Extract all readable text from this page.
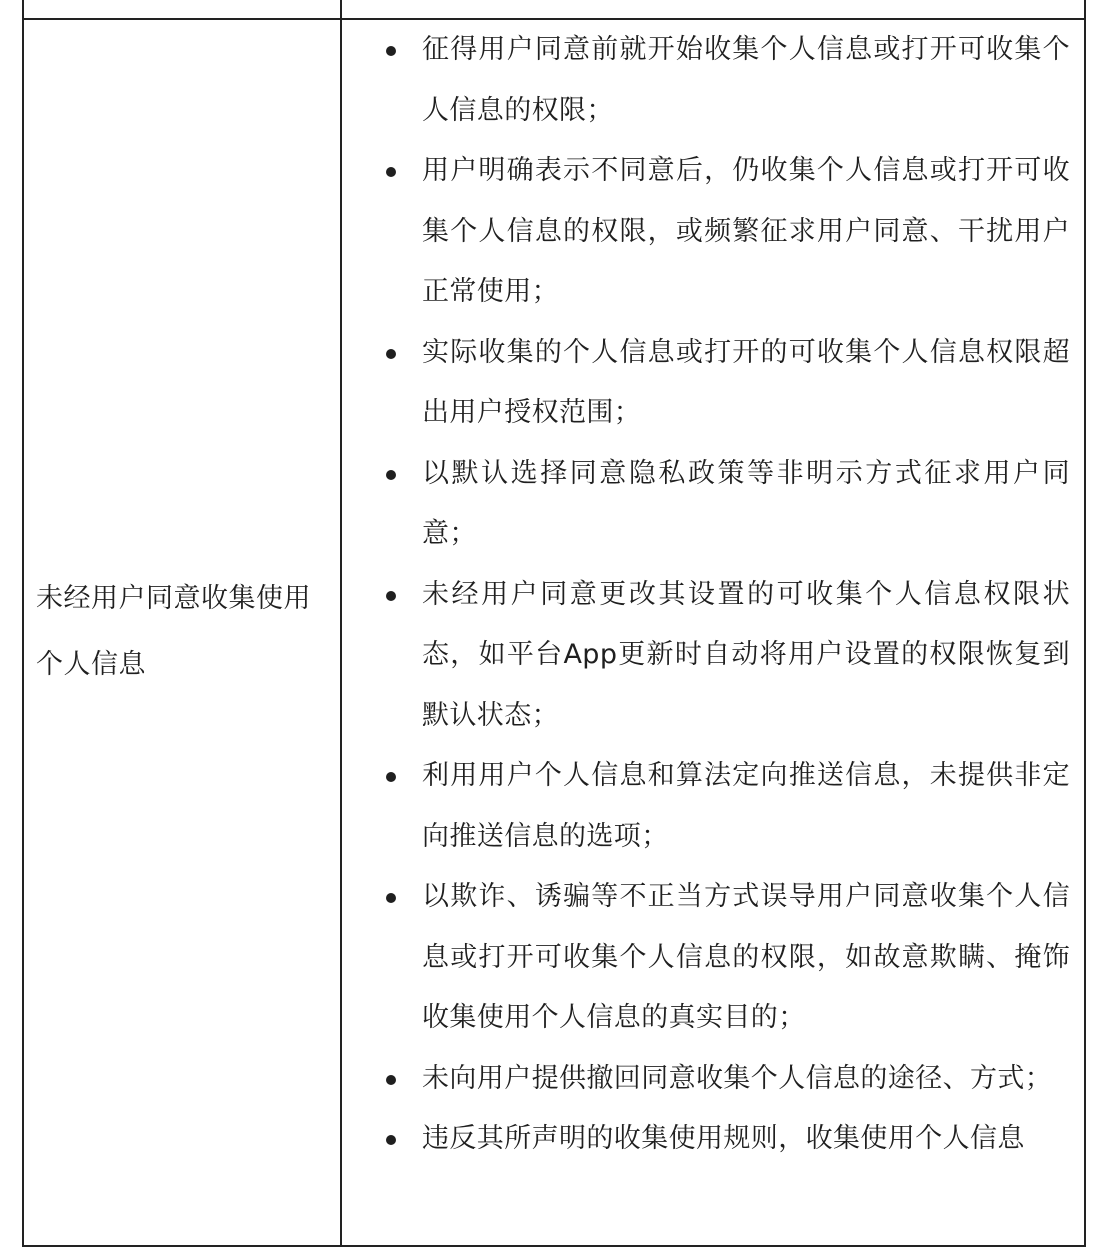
未经用户同意收集使用个人信息
征得用户同意前就开始收集个人信息或打开可收集个人信息的权限；
用户明确表示不同意后，仍收集个人信息或打开可收集个人信息的权限，或频繁征求用户同意、干扰用户正常使用；
实际收集的个人信息或打开的可收集个人信息权限超出用户授权范围；
以默认选择同意隐私政策等非明示方式征求用户同意；
未经用户同意更改其设置的可收集个人信息权限状态，如平台App更新时自动将用户设置的权限恢复到默认状态；
利用用户个人信息和算法定向推送信息，未提供非定向推送信息的选项；
以欺诈、诱骗等不正当方式误导用户同意收集个人信息或打开可收集个人信息的权限，如故意欺瞒、掩饰收集使用个人信息的真实目的；
未向用户提供撤回同意收集个人信息的途径、方式；
违反其所声明的收集使用规则，收集使用个人信息
